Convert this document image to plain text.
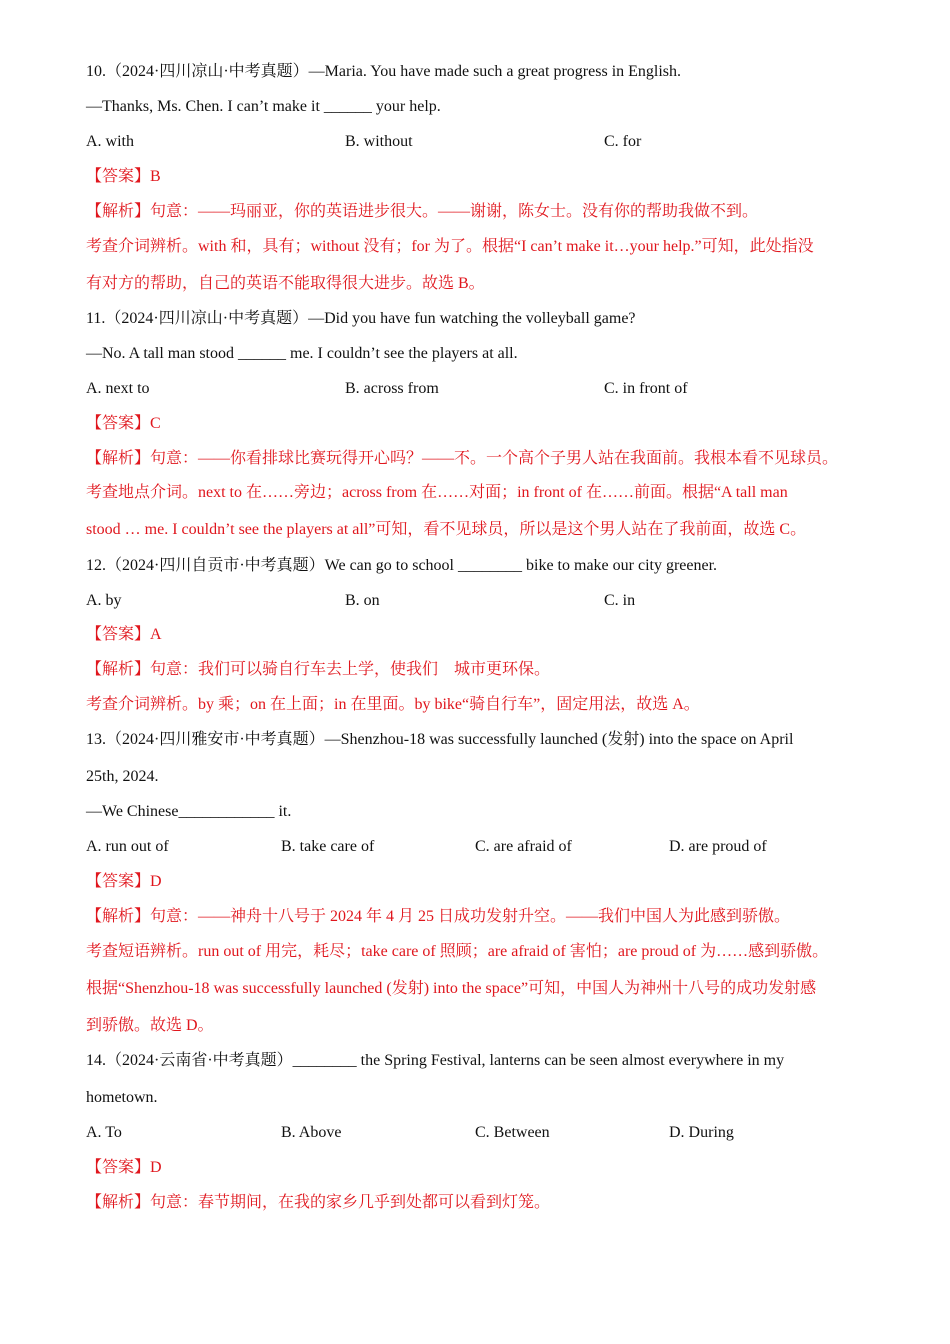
10.（2024·四川凉山·中考真题）—Maria. You have made such a great progress in English.
—Thanks, Ms. Chen. I can’t make it ______ your help.
A. with	B. without	C. for
【答案】B
【解析】句意：——玛丽亚，你的英语进步很大。——谢谢，陈女士。没有你的帮助我做不到。
考查介词辨析。with 和，具有；without 没有；for 为了。根据“I can’t make it…your help.”可知，此处指没
有对方的帮助，自己的英语不能取得很大进步。故选 B。
11.（2024·四川凉山·中考真题）—Did you have fun watching the volleyball game?
—No. A tall man stood ______ me. I couldn’t see the players at all.
A. next to	B. across from	C. in front of
【答案】C
【解析】句意：——你看排球比赛玩得开心吗？——不。一个高个子男人站在我面前。我根本看不见球员。
考查地点介词。next to 在……旁边；across from 在……对面；in front of 在……前面。根据“A tall man
stood … me. I couldn’t see the players at all”可知，看不见球员，所以是这个男人站在了我前面，故选 C。
12.（2024·四川自贡市·中考真题）We can go to school ________ bike to make our city greener.
A. by	B. on	C. in
【答案】A
【解析】句意：我们可以骑自行车去上学，使我们　城市更环保。
考查介词辨析。by 乘；on 在上面；in 在里面。by bike“骑自行车”，固定用法，故选 A。
13.（2024·四川雅安市·中考真题）—Shenzhou-18 was successfully launched (发射) into the space on April
25th, 2024.
—We Chinese____________ it.
A. run out of	B. take care of	C. are afraid of	D. are proud of
【答案】D
【解析】句意：——神舟十八号于 2024 年 4 月 25 日成功发射升空。——我们中国人为此感到骄傲。
考查短语辨析。run out of 用完，耗尽；take care of 照顾；are afraid of 害怕；are proud of 为……感到骄傲。
根据“Shenzhou-18 was successfully launched (发射) into the space”可知，中国人为神州十八号的成功发射感
到骄傲。故选 D。
14.（2024·云南省·中考真题）________ the Spring Festival, lanterns can be seen almost everywhere in my
hometown.
A. To	B. Above	C. Between	D. During
【答案】D
【解析】句意：春节期间，在我的家乡几乎到处都可以看到灯笼。
